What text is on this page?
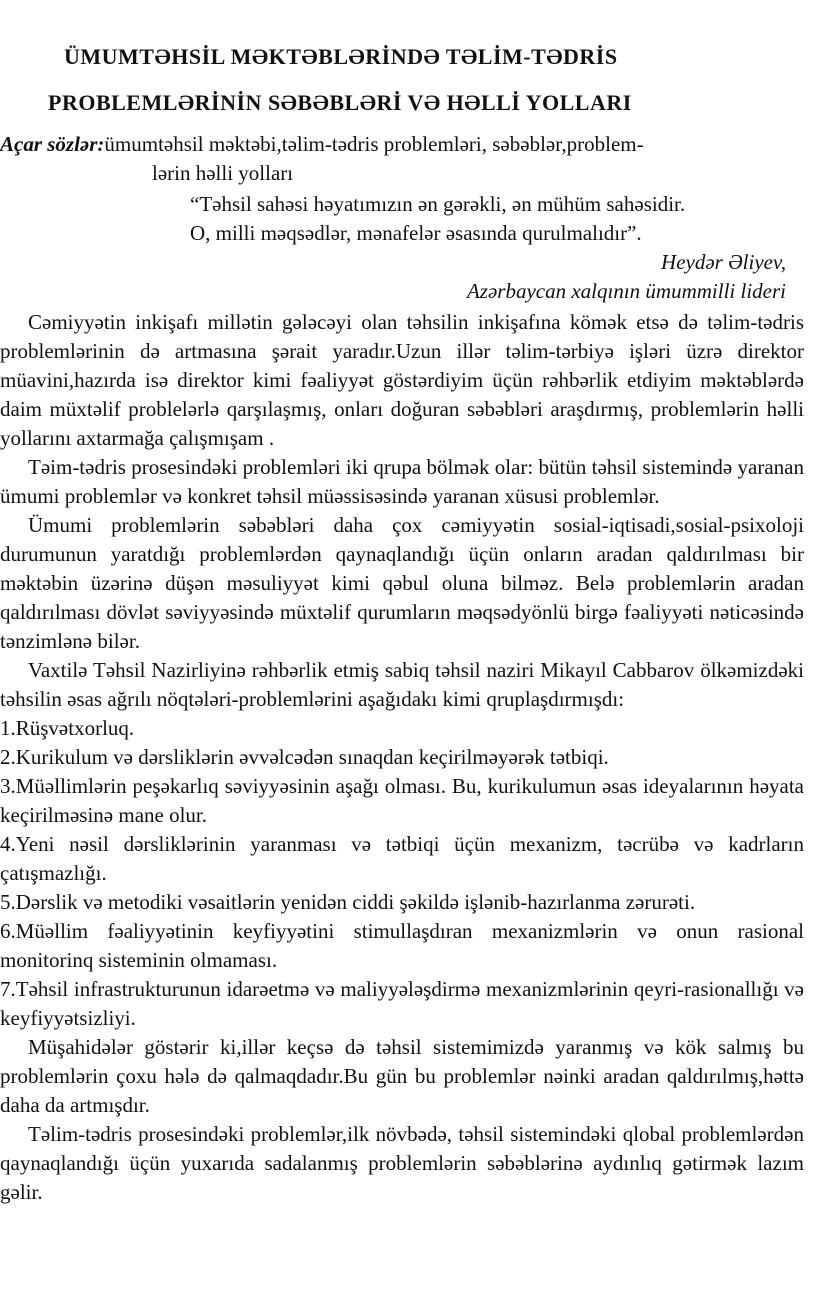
ÜMUMTƏHSİL MƏKTƏBLƏRİNDƏ TƏLİM-TƏDRİS
PROBLEMLƏRİNİN SƏBƏBLƏRİ VƏ HƏLLİ YOLLARI
Açar sözlər:ümumtəhsil məktəbi,təlim-tədris problemləri, səbəblər,problem-
lərin həlli yolları
“Təhsil sahəsi həyatımızın ən gərəkli, ən mühüm sahəsidir.
O, milli məqsədlər, mənafelər əsasında qurulmalıdır”.
Heydər Əliyev,
Azərbaycan xalqının ümummilli lideri

Cəmiyyətin inkişafı millətin gələcəyi olan təhsilin inkişafına kömək etsə də təlim-tədris problemlərinin də artmasına şərait yaradır.Uzun illər təlim-tərbiyə işləri üzrə direktor müavini,hazırda isə direktor kimi fəaliyyət göstərdiyim üçün rəhbərlik etdiyim məktəblərdə daim müxtəlif problelərlə qarşılaşmış, onları doğuran səbəbləri araşdırmış, problemlərin həlli yollarını axtarmağa çalışmışam .

Təim-tədris prosesindəki problemləri iki qrupa bölmək olar: bütün təhsil sistemində yaranan ümumi problemlər və konkret təhsil müəssisəsində yaranan xüsusi problemlər.

Ümumi problemlərin səbəbləri daha çox cəmiyyətin sosial-iqtisadi,sosial-psixoloji durumunun yaratdığı problemlərdən qaynaqlandığı üçün onların aradan qaldırılması bir məktəbin üzərinə düşən məsuliyyət kimi qəbul oluna bilməz. Belə problemlərin aradan qaldırılması dövlət səviyyəsində müxtəlif qurumların məqsədyönlü birgə fəaliyyəti nəticəsində tənzimlənə bilər.

Vaxtilə Təhsil Nazirliyinə rəhbərlik etmiş sabiq təhsil naziri Mikayıl Cabbarov ölkəmizdəki təhsilin əsas ağrılı nöqtələri-problemlərini aşağıdakı kimi qruplaşdırmışdı:

1.Rüşvətxorluq.
2.Kurikulum və dərsliklərin əvvəlcədən sınaqdan keçirilməyərək tətbiqi.
3.Müəllimlərin peşəkarlıq səviyyəsinin aşağı olması. Bu, kurikulumun əsas ideyalarının həyata keçirilməsinə mane olur.
4.Yeni nəsil dərsliklərinin yaranması və tətbiqi üçün mexanizm, təcrübə və kadrların çatışmazlığı.
5.Dərslik və metodiki vəsaitlərin yenidən ciddi şəkildə işlənib-hazırlanma zərurəti.
6.Müəllim fəaliyyətinin keyfiyyətini stimullaşdıran mexanizmlərin və onun rasional monitorinq sisteminin olmaması.
7.Təhsil infrastrukturunun idarəetmə və maliyyələşdirmə mexanizmlərinin qeyri-rasionallığı və keyfiyyətsizliyi.

Müşahidələr göstərir ki,illər keçsə də təhsil sistemimizdə yaranmış və kök salmış bu problemlərin çoxu hələ də qalmaqdadır.Bu gün bu problemlər nəinki aradan qaldırılmış,həttə daha da artmışdır.

Təlim-tədris prosesindəki problemlər,ilk növbədə, təhsil sistemindəki qlobal problemlərdən qaynaqlandığı üçün yuxarıda sadalanmış problemlərin səbəblərinə aydınlıq gətirmək lazım gəlir.
